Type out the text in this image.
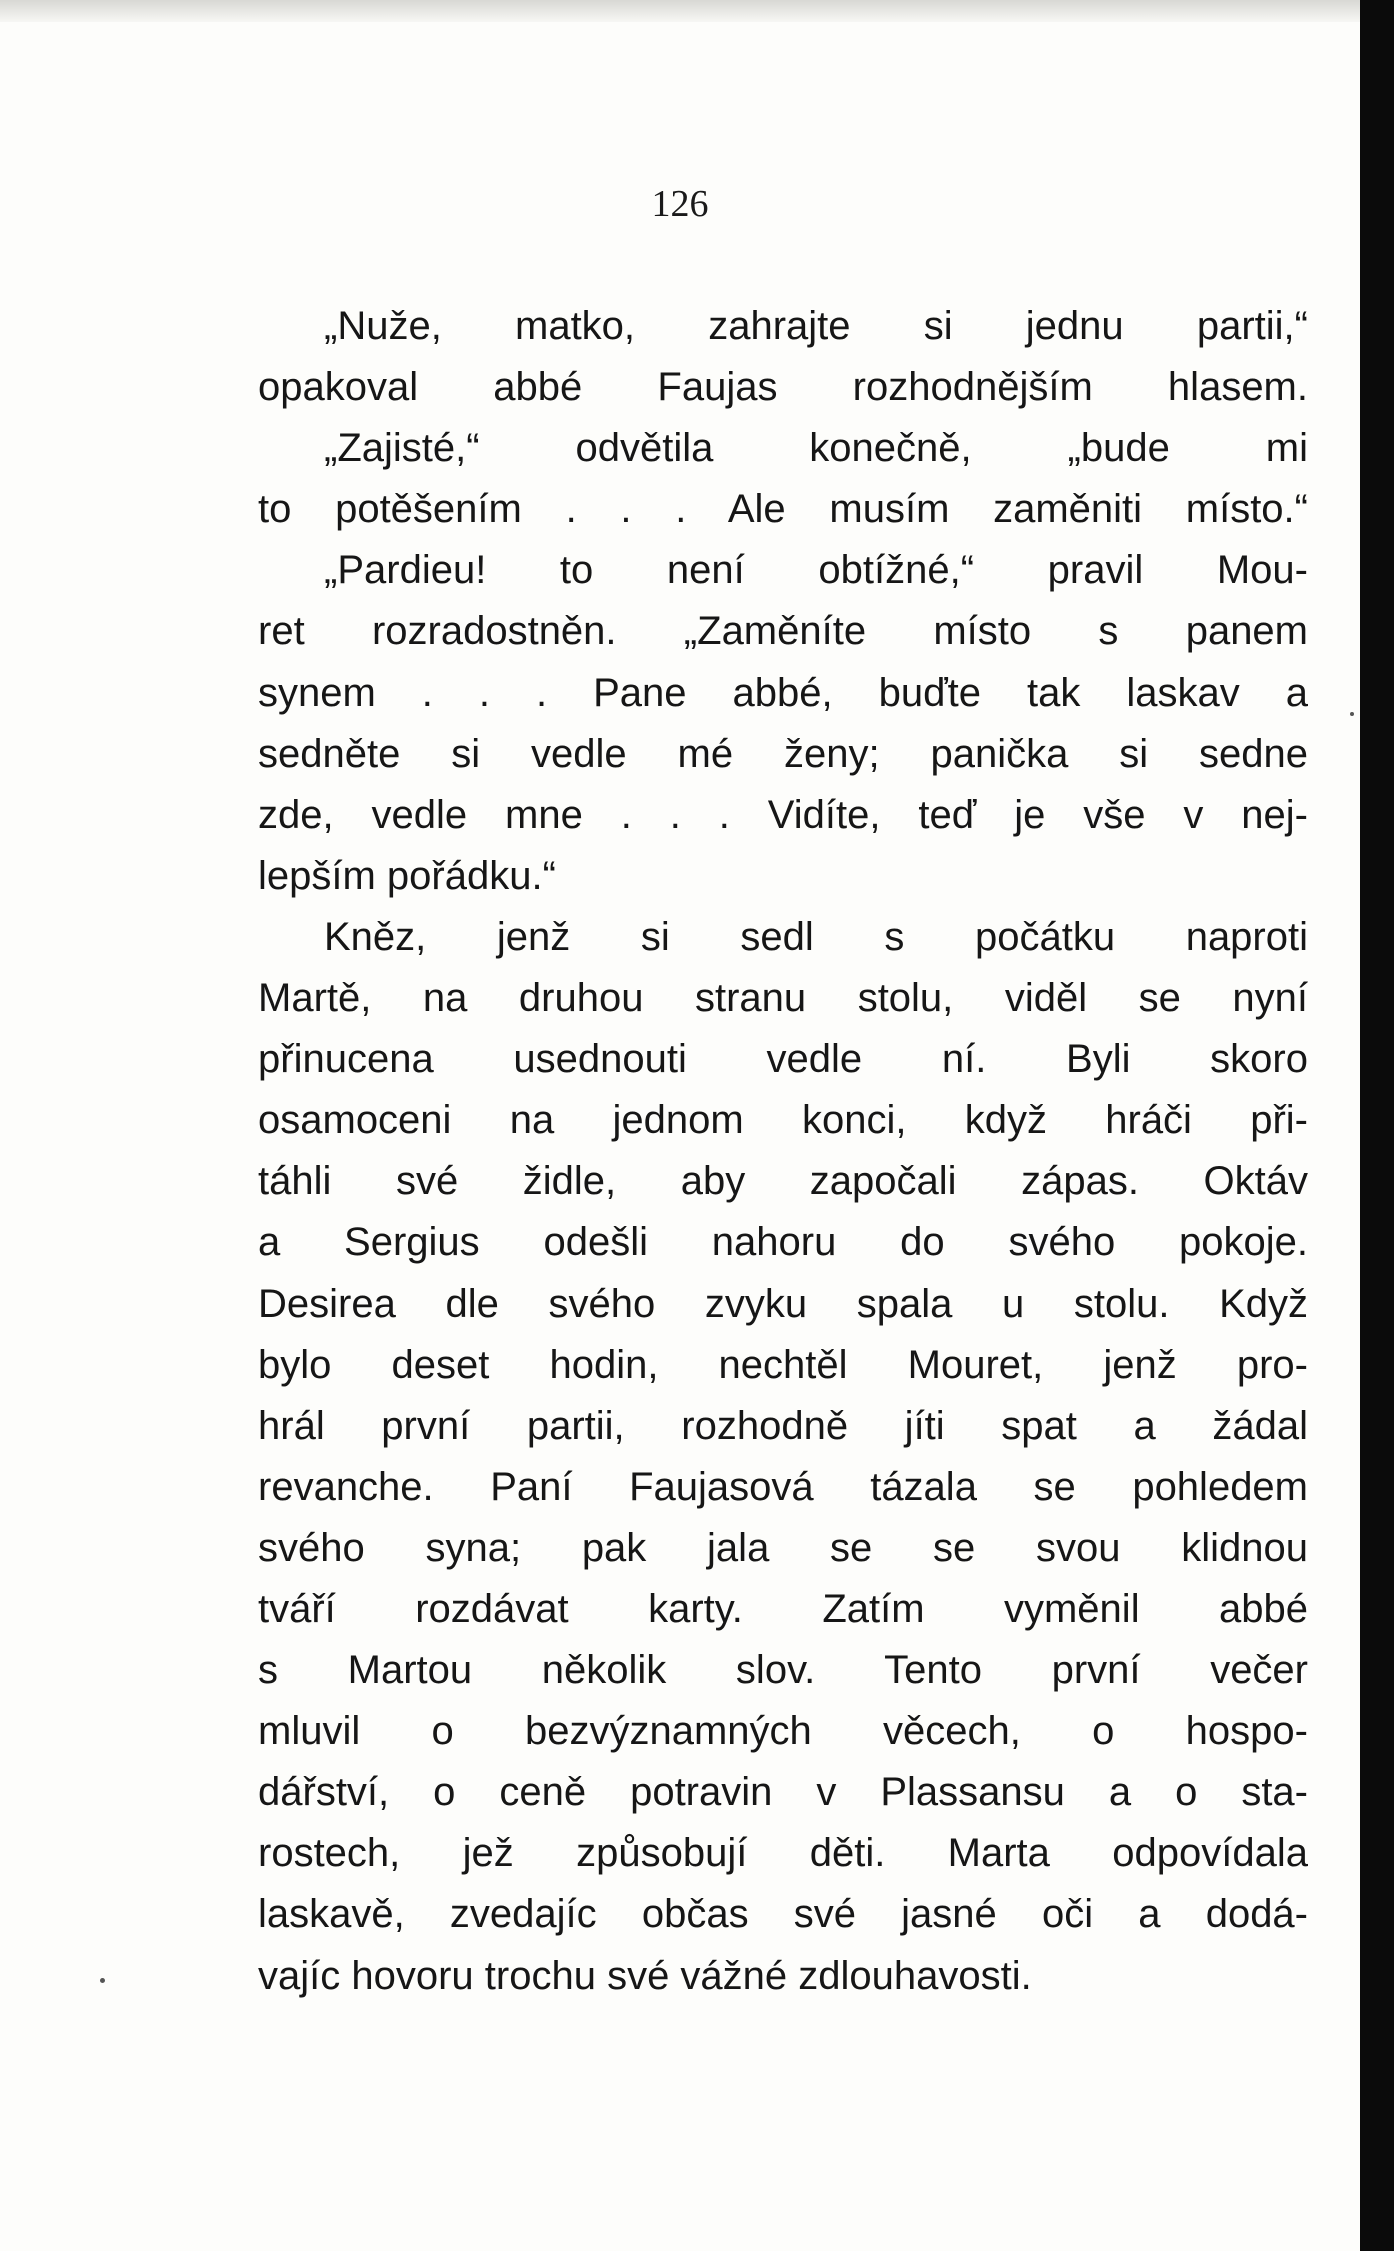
126

„Nuže, matko, zahrajte si jednu partii,“
opakoval abbé Faujas rozhodnějším hlasem.
„Zajisté,“ odvětila konečně, „bude mi
to potěšením . . . Ale musím zaměniti místo.“
„Pardieu! to není obtížné,“ pravil Mou-
ret rozradostněn. „Zaměníte místo s panem
synem . . . Pane abbé, buďte tak laskav a
sedněte si vedle mé ženy; panička si sedne
zde, vedle mne . . . Vidíte, teď je vše v nej-
lepším pořádku.“
Kněz, jenž si sedl s počátku naproti
Martě, na druhou stranu stolu, viděl se nyní
přinucena usednouti vedle ní. Byli skoro
osamoceni na jednom konci, když hráči při-
táhli své židle, aby započali zápas. Oktáv
a Sergius odešli nahoru do svého pokoje.
Desirea dle svého zvyku spala u stolu. Když
bylo deset hodin, nechtěl Mouret, jenž pro-
hrál první partii, rozhodně jíti spat a žádal
revanche. Paní Faujasová tázala se pohledem
svého syna; pak jala se se svou klidnou
tváří rozdávat karty. Zatím vyměnil abbé
s Martou několik slov. Tento první večer
mluvil o bezvýznamných věcech, o hospo-
dářství, o ceně potravin v Plassansu a o sta-
rostech, jež způsobují děti. Marta odpovídala
laskavě, zvedajíc občas své jasné oči a dodá-
vajíc hovoru trochu své vážné zdlouhavosti.
